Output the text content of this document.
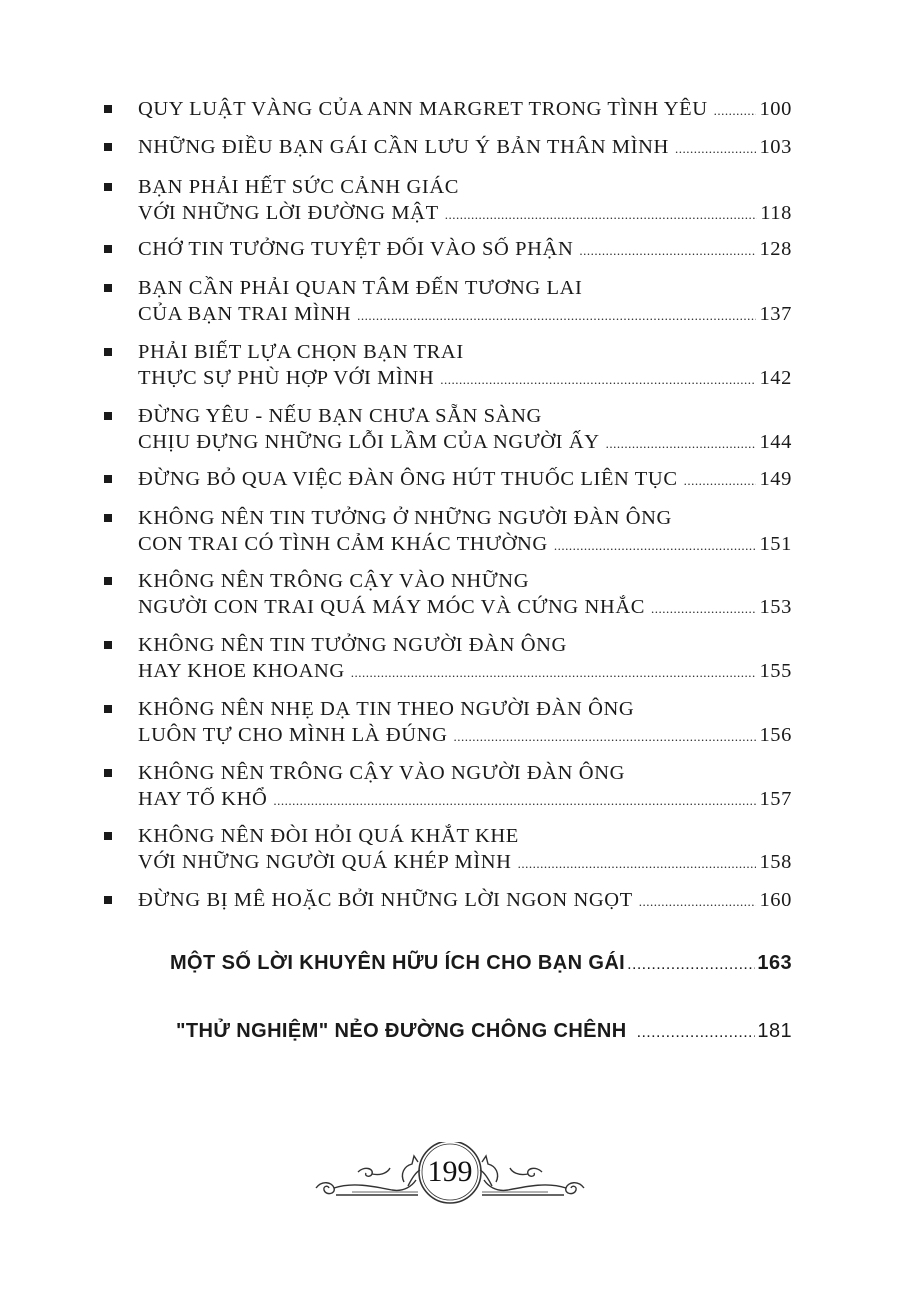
QUY LUẬT VÀNG CỦA ANN MARGRET TRONG TÌNH YÊU .....	100
NHỮNG ĐIỀU BẠN GÁI CẦN LƯU Ý BẢN THÂN MÌNH .....	103
BẠN PHẢI HẾT SỨC CẢNH GIÁC
VỚI NHỮNG LỜI ĐƯỜNG MẬT .....	118
CHỚ TIN TƯỞNG TUYỆT ĐỐI VÀO SỐ PHẬN .....	128
BẠN CẦN PHẢI QUAN TÂM ĐẾN TƯƠNG LAI
CỦA BẠN TRAI MÌNH .....	137
PHẢI BIẾT LỰA CHỌN BẠN TRAI
THỰC SỰ PHÙ HỢP VỚI MÌNH .....	142
ĐỪNG YÊU - NẾU BẠN CHƯA SẴN SÀNG
CHỊU ĐỰNG NHỮNG LỖI LẦM CỦA NGƯỜI ẤY .....	144
ĐỪNG BỎ QUA VIỆC ĐÀN ÔNG HÚT THUỐC LIÊN TỤC .....	149
KHÔNG NÊN TIN TƯỞNG Ở NHỮNG NGƯỜI ĐÀN ÔNG
CON TRAI CÓ TÌNH CẢM KHÁC THƯỜNG .....	151
KHÔNG NÊN TRÔNG CẬY VÀO NHỮNG
NGƯỜI CON TRAI QUÁ MÁY MÓC VÀ CỨNG NHẮC .....	153
KHÔNG NÊN TIN TƯỞNG NGƯỜI ĐÀN ÔNG
HAY KHOE KHOANG .....	155
KHÔNG NÊN NHẸ DẠ TIN THEO NGƯỜI ĐÀN ÔNG
LUÔN TỰ CHO MÌNH LÀ ĐÚNG .....	156
KHÔNG NÊN TRÔNG CẬY VÀO NGƯỜI ĐÀN ÔNG
HAY TỐ KHỔ .....	157
KHÔNG NÊN ĐÒI HỎI QUÁ KHẮT KHE
VỚI NHỮNG NGƯỜI QUÁ KHÉP MÌNH .....	158
ĐỪNG BỊ MÊ HOẶC BỞI NHỮNG LỜI NGON NGỌT .....	160
MỘT SỐ LỜI KHUYÊN HỮU ÍCH CHO BẠN GÁI .....	163
"THỬ NGHIỆM" NẺO ĐƯỜNG CHÔNG CHÊNH .....	181
199
